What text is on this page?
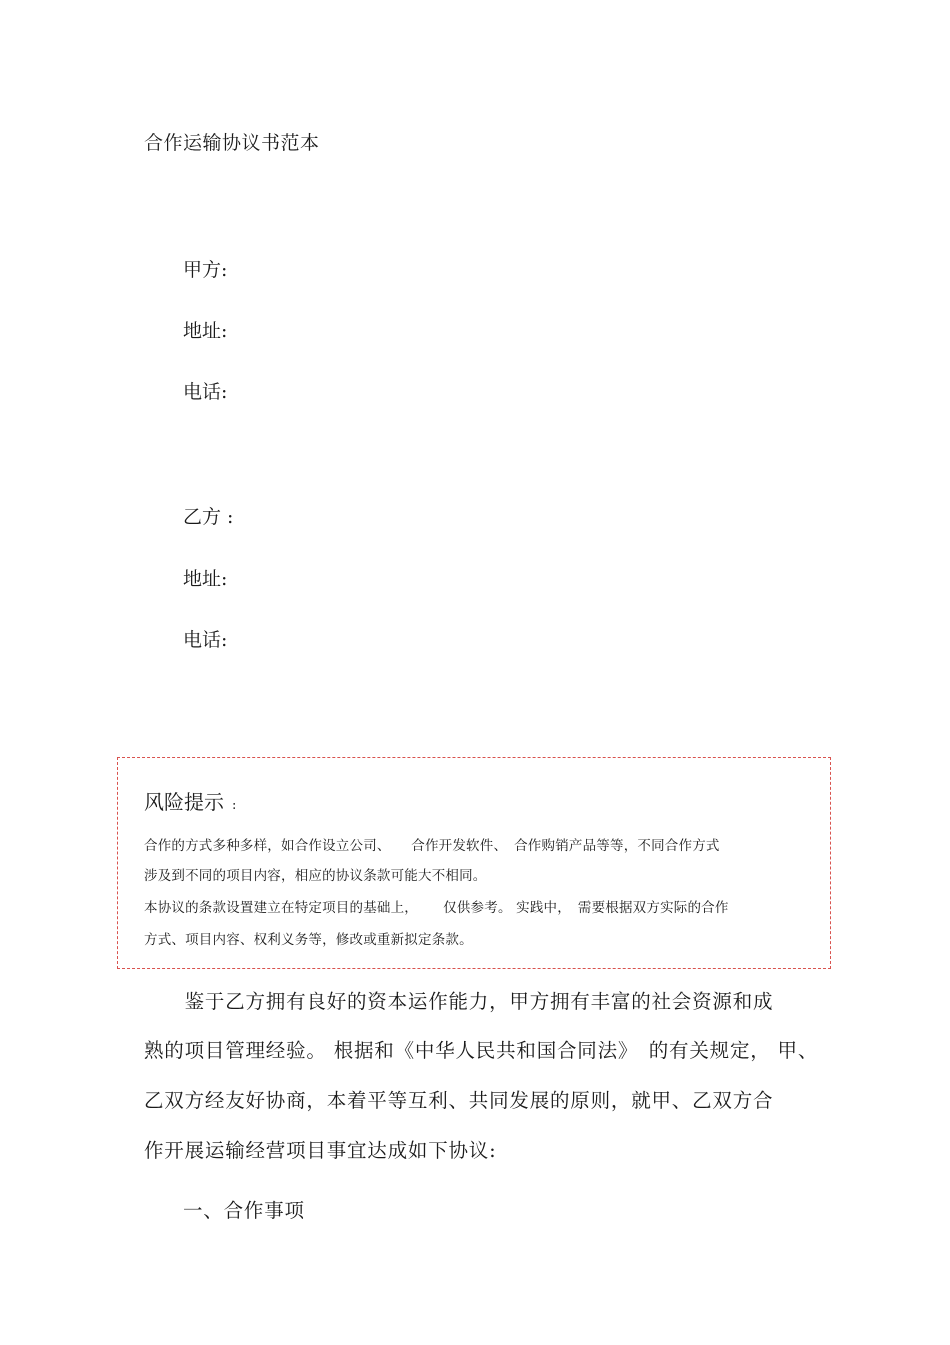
合作运输协议书范本
甲方:
地址:
电话:
乙方 :
地址:
电话:
风险提示 :
合作的方式多种多样，如合作设立公司、　　合作开发软件、　合作购销产品等等，不同合作方式
涉及到不同的项目内容，相应的协议条款可能大不相同。
本协议的条款设置建立在特定项目的基础上，　　 仅供参考。 实践中，　需要根据双方实际的合作
方式、项目内容、权利义务等，修改或重新拟定条款。
　　鉴于乙方拥有良好的资本运作能力，甲方拥有丰富的社会资源和成
熟的项目管理经验。 根据和《中华人民共和国合同法》　的有关规定， 甲、
乙双方经友好协商，本着平等互利、共同发展的原则，就甲、乙双方合
作开展运输经营项目事宜达成如下协议:
一、合作事项
